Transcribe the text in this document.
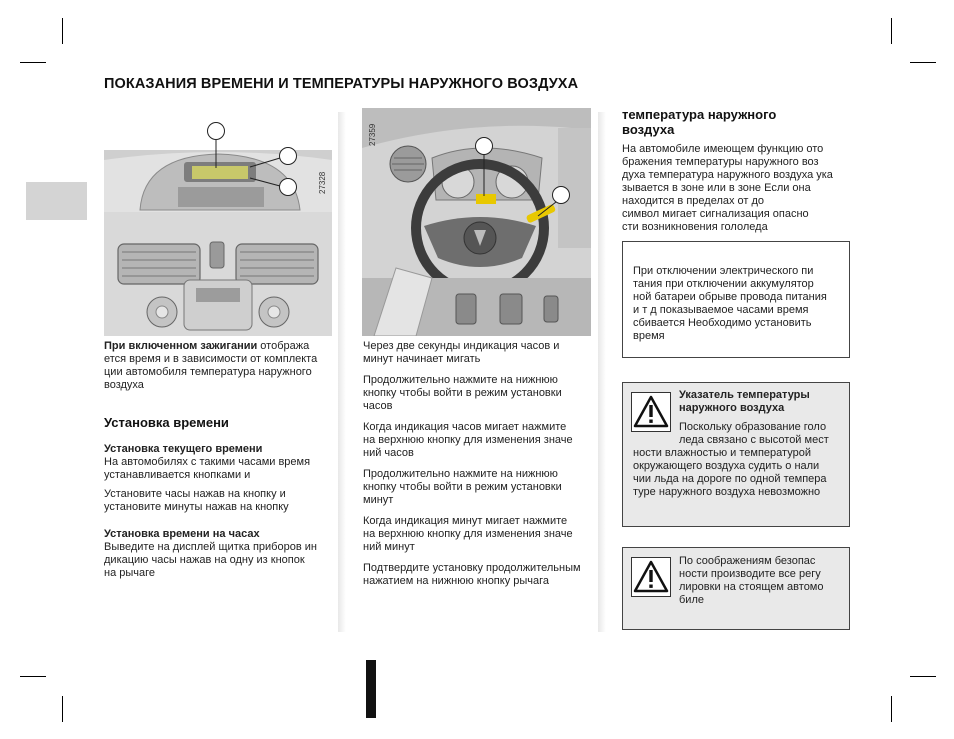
ПОКАЗАНИЯ ВРЕМЕНИ И ТЕМПЕРАТУРЫ НАРУЖНОГО ВОЗДУХА
27328
27359
При включенном зажигании отобража
ется время и в зависимости от комплекта
ции автомобиля температура наружного
воздуха
Установка времени
Установка текущего времени
На автомобилях с такими часами время
устанавливается кнопками и
Установите часы нажав на кнопку и
установите минуты нажав на кнопку
Установка времени на часах
Выведите на дисплей щитка приборов ин
дикацию часы нажав на одну из кнопок
на рычаге

Через две секунды индикация часов и
минут начинает мигать

Продолжительно нажмите на нижнюю
кнопку чтобы войти в режим установки
часов

Когда индикация часов мигает нажмите
на верхнюю кнопку для изменения значе
ний часов

Продолжительно нажмите на нижнюю
кнопку чтобы войти в режим установки
минут

Когда индикация минут мигает нажмите
на верхнюю кнопку для изменения значе
ний минут

Подтвердите установку продолжительным
нажатием на нижнюю кнопку рычага

температура наружного
воздуха
На автомобиле имеющем функцию ото
бражения температуры наружного воз
духа температура наружного воздуха ука
зывается в зоне или в зоне Если она
находится в пределах от до
символ мигает сигнализация опасно
сти возникновения гололеда
При отключении электрического пи
тания при отключении аккумулятор
ной батареи обрыве провода питания
и т д показываемое часами время
сбивается Необходимо установить
время
Указатель температуры
наружного воздуха
Поскольку образование голо
леда связано с высотой мест
ности влажностью и температурой
окружающего воздуха судить о нали
чии льда на дороге по одной темпера
туре наружного воздуха невозможно
По соображениям безопас
ности производите все регу
лировки на стоящем автомо
биле
